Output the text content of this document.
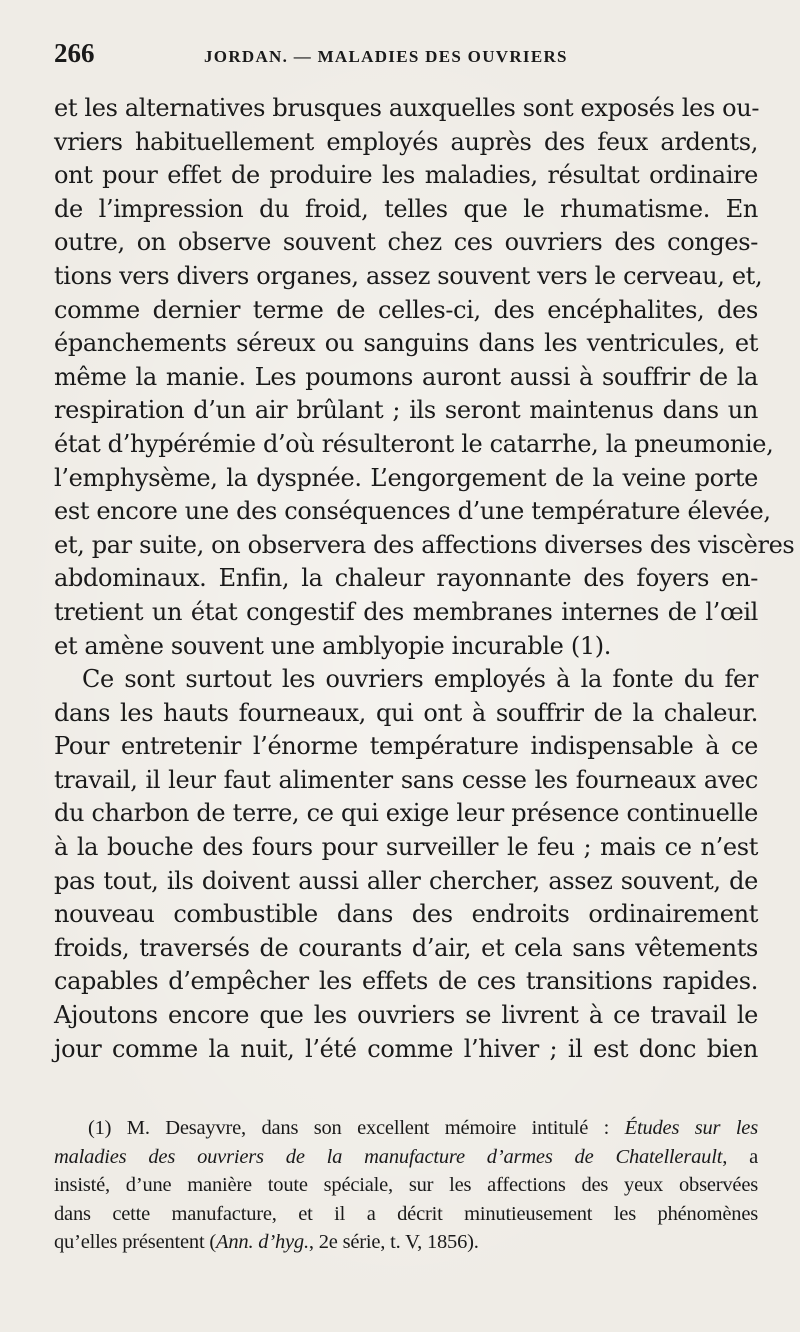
266	JORDAN. — MALADIES DES OUVRIERS
et les alternatives brusques auxquelles sont exposés les ou-
vriers habituellement employés auprès des feux ardents,
ont pour effet de produire les maladies, résultat ordinaire
de l’impression du froid, telles que le rhumatisme. En
outre, on observe souvent chez ces ouvriers des conges-
tions vers divers organes, assez souvent vers le cerveau, et,
comme dernier terme de celles-ci, des encéphalites, des
épanchements séreux ou sanguins dans les ventricules, et
même la manie. Les poumons auront aussi à souffrir de la
respiration d’un air brûlant ; ils seront maintenus dans un
état d’hypérémie d’où résulteront le catarrhe, la pneumonie,
l’emphysème, la dyspnée. L’engorgement de la veine porte
est encore une des conséquences d’une température élevée,
et, par suite, on observera des affections diverses des viscères
abdominaux. Enfin, la chaleur rayonnante des foyers en-
tretient un état congestif des membranes internes de l’œil
et amène souvent une amblyopie incurable (1).
Ce sont surtout les ouvriers employés à la fonte du fer
dans les hauts fourneaux, qui ont à souffrir de la chaleur.
Pour entretenir l’énorme température indispensable à ce
travail, il leur faut alimenter sans cesse les fourneaux avec
du charbon de terre, ce qui exige leur présence continuelle
à la bouche des fours pour surveiller le feu ; mais ce n’est
pas tout, ils doivent aussi aller chercher, assez souvent, de
nouveau combustible dans des endroits ordinairement
froids, traversés de courants d’air, et cela sans vêtements
capables d’empêcher les effets de ces transitions rapides.
Ajoutons encore que les ouvriers se livrent à ce travail le
jour comme la nuit, l’été comme l’hiver ; il est donc bien
(1) M. Desayvre, dans son excellent mémoire intitulé : Études sur les
maladies des ouvriers de la manufacture d’armes de Chatellerault, a
insisté, d’une manière toute spéciale, sur les affections des yeux observées
dans cette manufacture, et il a décrit minutieusement les phénomènes
qu’elles présentent (Ann. d’hyg., 2e série, t. V, 1856).
